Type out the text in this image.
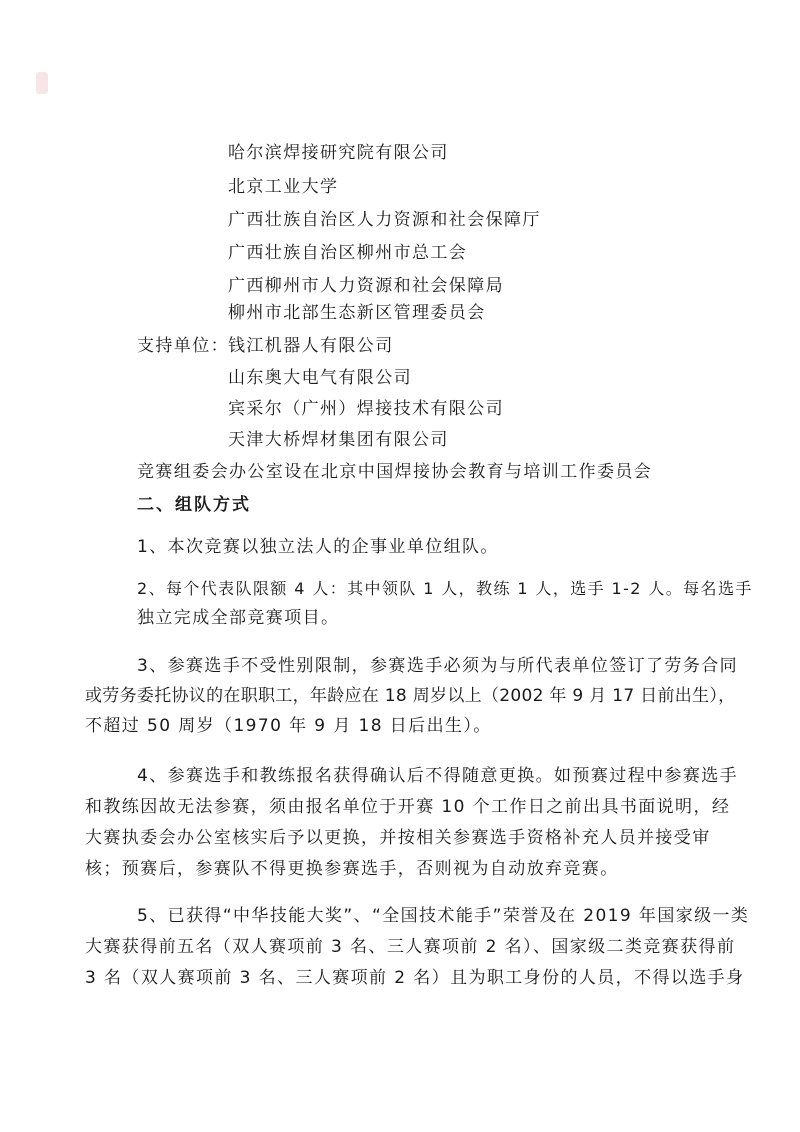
哈尔滨焊接研究院有限公司
北京工业大学
广西壮族自治区人力资源和社会保障厅
广西壮族自治区柳州市总工会
广西柳州市人力资源和社会保障局
柳州市北部生态新区管理委员会
支持单位： 钱江机器人有限公司
山东奥大电气有限公司
宾采尔（广州）焊接技术有限公司
天津大桥焊材集团有限公司
竞赛组委会办公室设在北京中国焊接协会教育与培训工作委员会
二、组队方式
1、本次竞赛以独立法人的企事业单位组队。
2、每个代表队限额 4 人：其中领队 1 人，教练 1 人，选手 1-2 人。每名选手
独立完成全部竞赛项目。
3、参赛选手不受性别限制，参赛选手必须为与所代表单位签订了劳务合同
或劳务委托协议的在职职工，年龄应在 18 周岁以上（2002 年 9 月 17 日前出生），
不超过 50 周岁（1970 年 9 月 18 日后出生）。
4、参赛选手和教练报名获得确认后不得随意更换。如预赛过程中参赛选手
和教练因故无法参赛，须由报名单位于开赛 10 个工作日之前出具书面说明，经
大赛执委会办公室核实后予以更换，并按相关参赛选手资格补充人员并接受审
核；预赛后，参赛队不得更换参赛选手，否则视为自动放弃竞赛。
5、已获得“中华技能大奖”、“全国技术能手”荣誉及在 2019 年国家级一类
大赛获得前五名（双人赛项前 3 名、三人赛项前 2 名）、国家级二类竞赛获得前
3 名（双人赛项前 3 名、三人赛项前 2 名）且为职工身份的人员，不得以选手身
